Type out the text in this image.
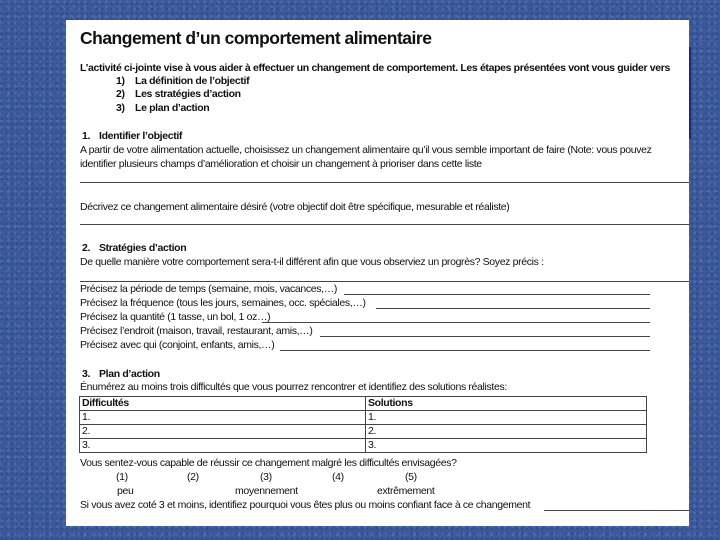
Changement d’un comportement alimentaire
L’activité ci-jointe vise à vous aider à effectuer un changement de comportement. Les étapes présentées vont vous guider vers
1) La définition de l’objectif
2) Les stratégies d’action
3) Le plan d’action
1. Identifier l’objectif
A partir de votre alimentation actuelle, choisissez un changement alimentaire qu’il vous semble important de faire (Note: vous pouvez
identifier plusieurs champs d’amélioration et choisir un changement à prioriser dans cette liste
Décrivez ce changement alimentaire désiré (votre objectif doit être spécifique, mesurable et réaliste)
2. Stratégies d’action
De quelle manière votre comportement sera-t-il différent afin que vous observiez un progrès? Soyez précis :
Précisez la période de temps (semaine, mois, vacances,…)
Précisez la fréquence (tous les jours, semaines, occ. spéciales,…)
Précisez la quantité (1 tasse, un bol, 1 oz…)
Précisez l’endroit (maison, travail, restaurant, amis,…)
Précisez avec qui (conjoint, enfants, amis,…)
3. Plan d’action
Énumérez au moins trois difficultés que vous pourrez rencontrer et identifiez des solutions réalistes:
Difficultés	Solutions
1.	1.
2.	2.
3.	3.
Vous sentez-vous capable de réussir ce changement malgré les difficultés envisagées?
(1)	(2)	(3)	(4)	(5)
peu	moyennement	extrêmement
Si vous avez coté 3 et moins, identifiez pourquoi vous êtes plus ou moins confiant face à ce changement
